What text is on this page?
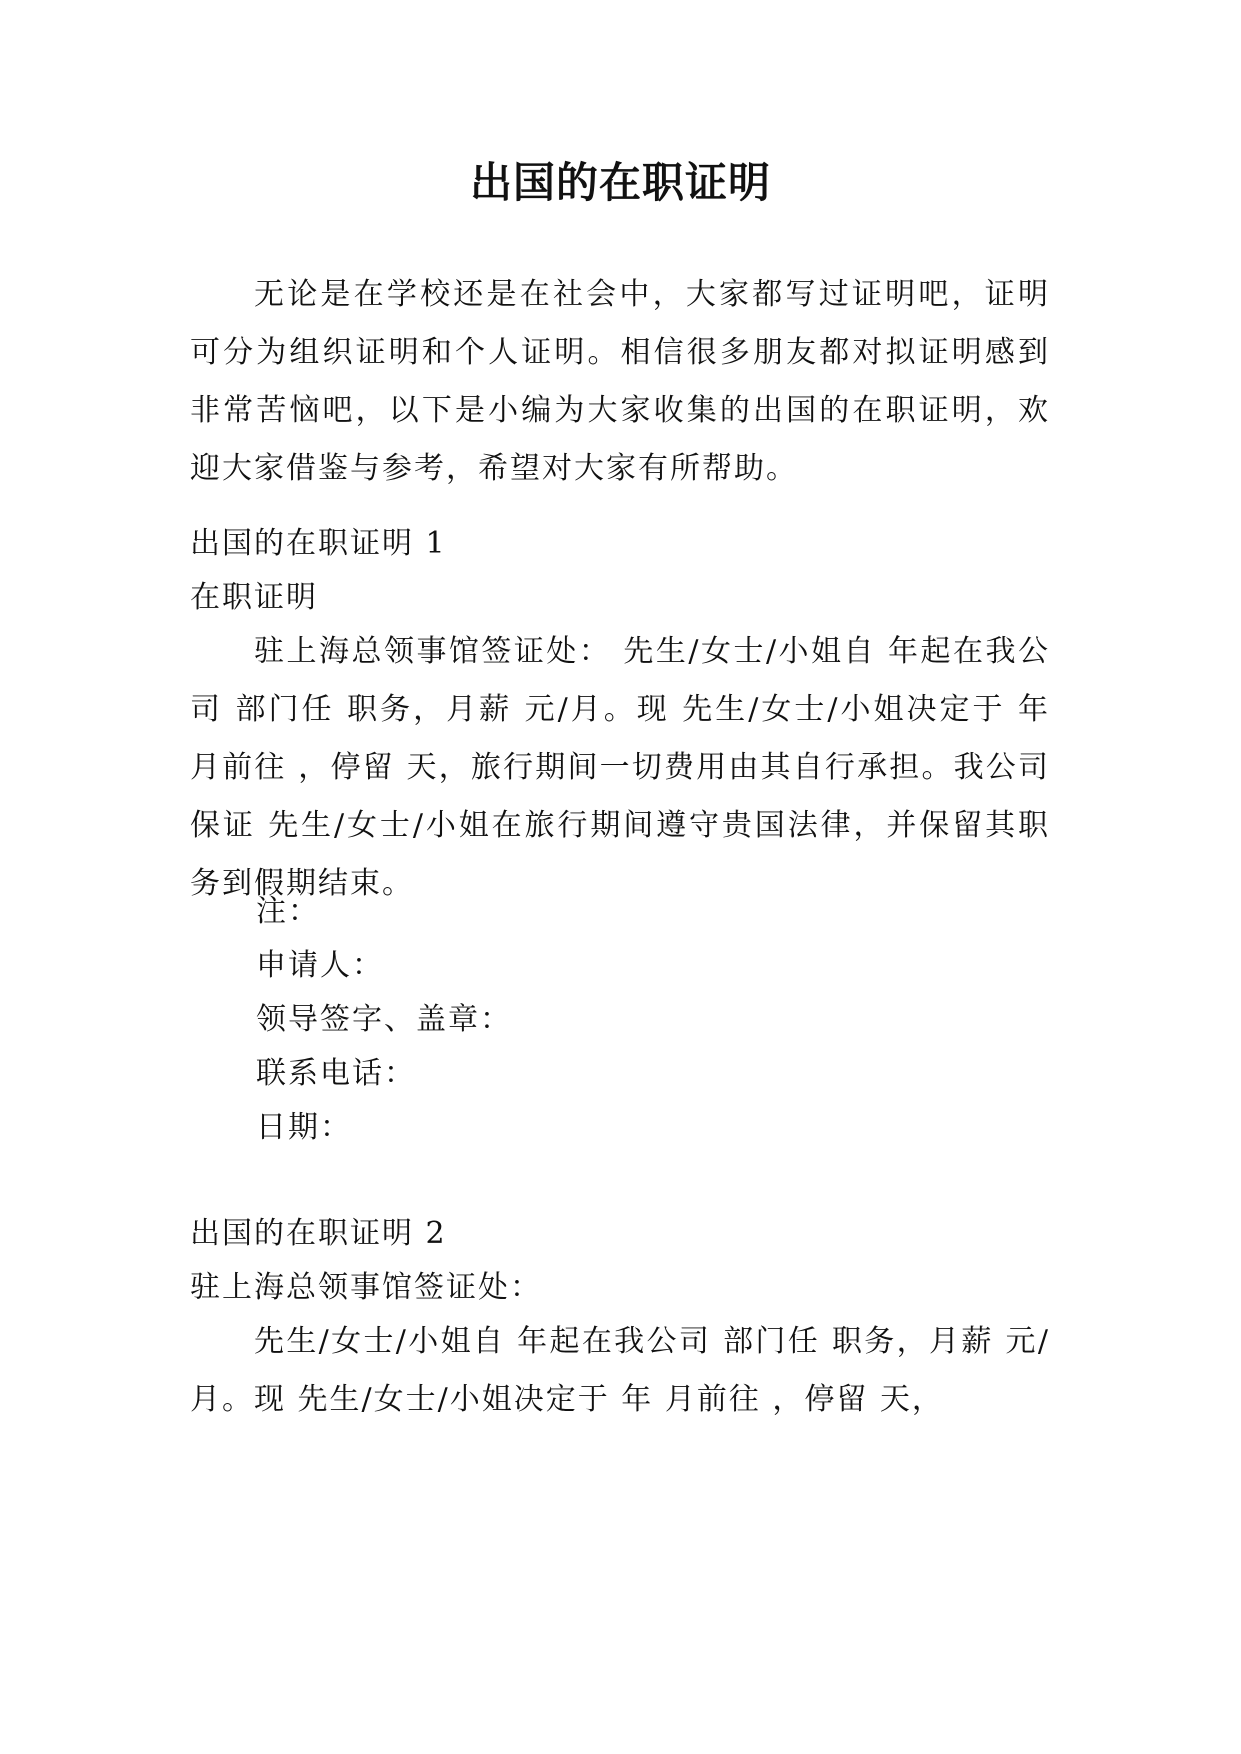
出国的在职证明

无论是在学校还是在社会中，大家都写过证明吧，证明可分为组织证明和个人证明。相信很多朋友都对拟证明感到非常苦恼吧，以下是小编为大家收集的出国的在职证明，欢迎大家借鉴与参考，希望对大家有所帮助。

出国的在职证明 1
在职证明

驻上海总领事馆签证处： 先生/女士/小姐自 年起在我公司 部门任 职务，月薪 元/月。现 先生/女士/小姐决定于 年 月前往 ，停留 天，旅行期间一切费用由其自行承担。我公司保证 先生/女士/小姐在旅行期间遵守贵国法律，并保留其职务到假期结束。

注：
申请人：
领导签字、盖章：
联系电话：
日期：
出国的在职证明 2
驻上海总领事馆签证处：

先生/女士/小姐自 年起在我公司 部门任 职务，月薪 元/月。现 先生/女士/小姐决定于 年 月前往 ，停留 天，
